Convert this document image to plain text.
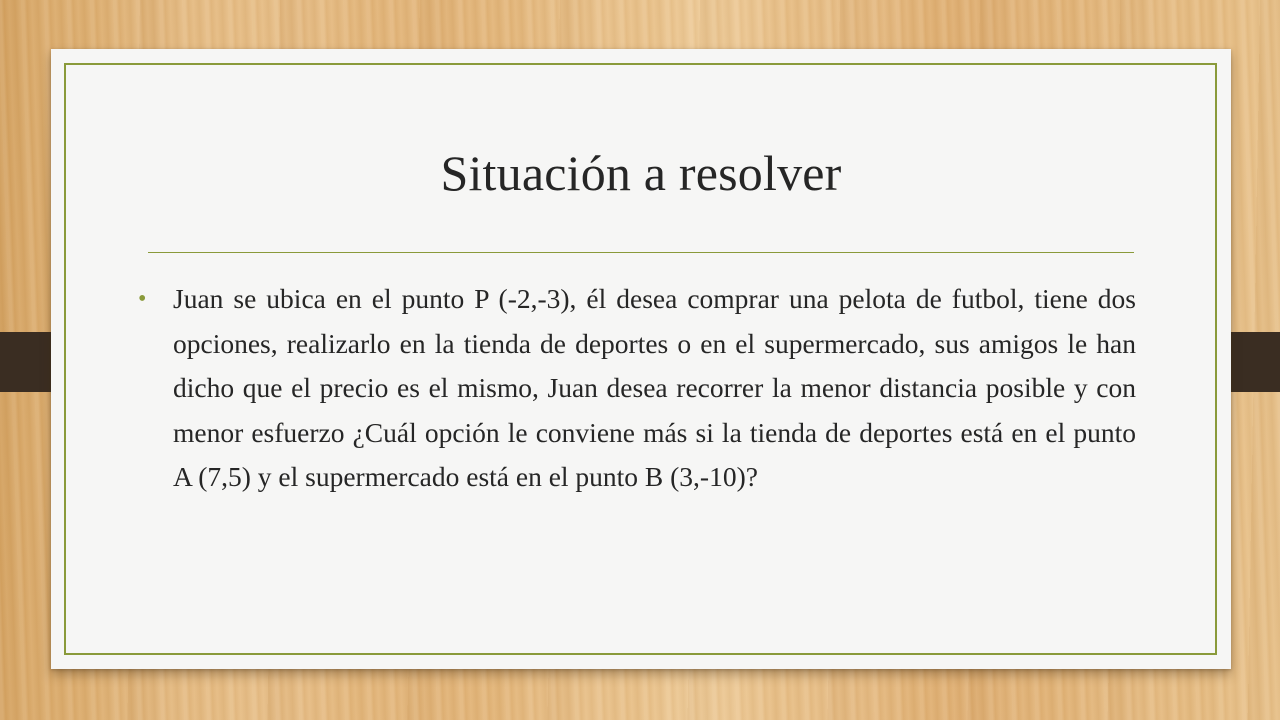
Situación a resolver
• Juan se ubica en el punto P (-2,-3), él desea comprar una pelota de futbol, tiene dos opciones, realizarlo en la tienda de deportes o en el supermercado, sus amigos le han dicho que el precio es el mismo, Juan desea recorrer la menor distancia posible y con menor esfuerzo ¿Cuál opción le conviene más si la tienda de deportes está en el punto A (7,5) y el supermercado está en el punto B (3,-10)?
